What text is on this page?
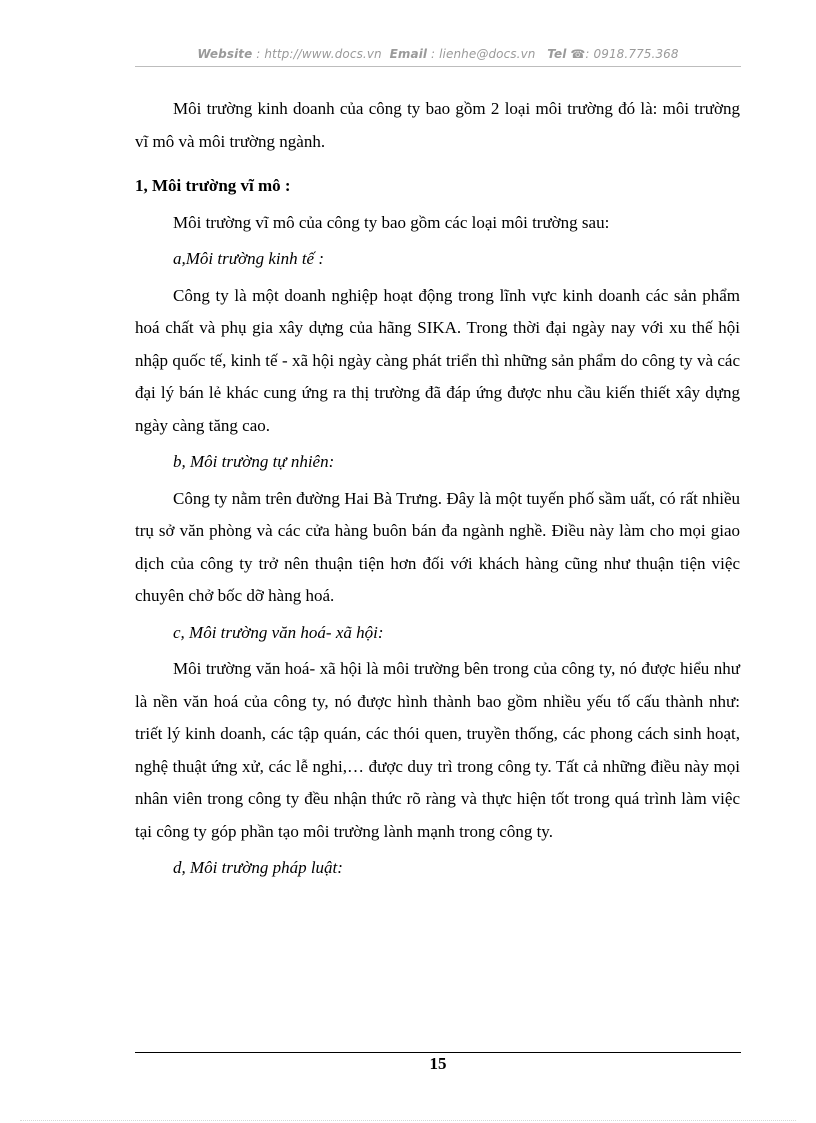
Website : http://www.docs.vn Email : lienhe@docs.vn Tel ☎: 0918.775.368

Môi trường kinh doanh của công ty bao gồm 2 loại môi trường đó là: môi trường vĩ mô và môi trường ngành.

1, Môi trường vĩ mô :

Môi trường vĩ mô của công ty bao gồm các loại môi trường sau:

a,Môi trường kinh tế :

Công ty là một doanh nghiệp hoạt động trong lĩnh vực kinh doanh các sản phẩm hoá chất và phụ gia xây dựng của hãng SIKA. Trong thời đại ngày nay với xu thế hội nhập quốc tế, kinh tế - xã hội ngày càng phát triển thì những sản phẩm do công ty và các đại lý bán lẻ khác cung ứng ra thị trường đã đáp ứng được nhu cầu kiến thiết xây dựng ngày càng tăng cao.

b, Môi trường tự nhiên:

Công ty nằm trên đường Hai Bà Trưng. Đây là một tuyến phố sầm uất, có rất nhiều trụ sở văn phòng và các cửa hàng buôn bán đa ngành nghề. Điều này làm cho mọi giao dịch của công ty trở nên thuận tiện hơn đối với khách hàng cũng như thuận tiện việc chuyên chở bốc dỡ hàng hoá.

c, Môi trường văn hoá- xã hội:

Môi trường văn hoá- xã hội là môi trường bên trong của công ty, nó được hiểu như là nền văn hoá của công ty, nó được hình thành bao gồm nhiều yếu tố cấu thành như: triết lý kinh doanh, các tập quán, các thói quen, truyền thống, các phong cách sinh hoạt, nghệ thuật ứng xử, các lễ nghi,… được duy trì trong công ty. Tất cả những điều này mọi nhân viên trong công ty đều nhận thức rõ ràng và thực hiện tốt trong quá trình làm việc tại công ty góp phần tạo môi trường lành mạnh trong công ty.

d, Môi trường pháp luật:

15
